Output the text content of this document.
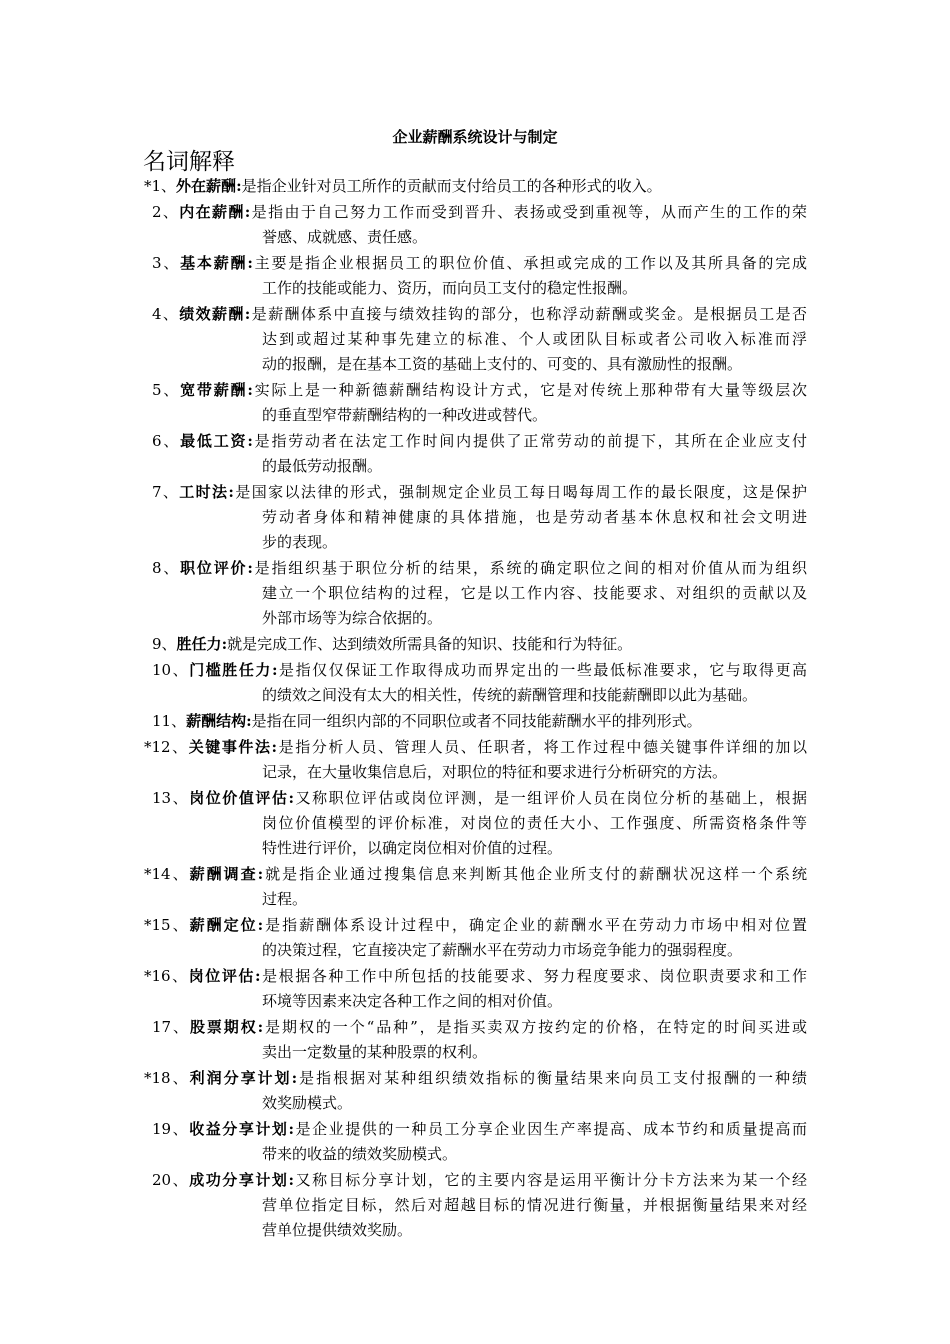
企业薪酬系统设计与制定
名词解释
*1、外在薪酬:是指企业针对员工所作的贡献而支付给员工的各种形式的收入。
2、内在薪酬:是指由于自己努力工作而受到晋升、表扬或受到重视等，从而产生的工作的荣
誉感、成就感、责任感。
3、基本薪酬:主要是指企业根据员工的职位价值、承担或完成的工作以及其所具备的完成
工作的技能或能力、资历，而向员工支付的稳定性报酬。
4、绩效薪酬:是薪酬体系中直接与绩效挂钩的部分，也称浮动薪酬或奖金。是根据员工是否
达到或超过某种事先建立的标准、个人或团队目标或者公司收入标准而浮
动的报酬，是在基本工资的基础上支付的、可变的、具有激励性的报酬。
5、宽带薪酬:实际上是一种新德薪酬结构设计方式，它是对传统上那种带有大量等级层次
的垂直型窄带薪酬结构的一种改进或替代。
6、最低工资:是指劳动者在法定工作时间内提供了正常劳动的前提下，其所在企业应支付
的最低劳动报酬。
7、工时法:是国家以法律的形式，强制规定企业员工每日喝每周工作的最长限度，这是保护
劳动者身体和精神健康的具体措施，也是劳动者基本休息权和社会文明进
步的表现。
8、职位评价:是指组织基于职位分析的结果，系统的确定职位之间的相对价值从而为组织
建立一个职位结构的过程，它是以工作内容、技能要求、对组织的贡献以及
外部市场等为综合依据的。
9、胜任力:就是完成工作、达到绩效所需具备的知识、技能和行为特征。
10、门槛胜任力:是指仅仅保证工作取得成功而界定出的一些最低标准要求，它与取得更高
的绩效之间没有太大的相关性，传统的薪酬管理和技能薪酬即以此为基础。
11、薪酬结构:是指在同一组织内部的不同职位或者不同技能薪酬水平的排列形式。
*12、关键事件法:是指分析人员、管理人员、任职者，将工作过程中德关键事件详细的加以
记录，在大量收集信息后，对职位的特征和要求进行分析研究的方法。
13、岗位价值评估:又称职位评估或岗位评测，是一组评价人员在岗位分析的基础上，根据
岗位价值模型的评价标准，对岗位的责任大小、工作强度、所需资格条件等
特性进行评价，以确定岗位相对价值的过程。
*14、薪酬调查:就是指企业通过搜集信息来判断其他企业所支付的薪酬状况这样一个系统
过程。
*15、薪酬定位:是指薪酬体系设计过程中，确定企业的薪酬水平在劳动力市场中相对位置
的决策过程，它直接决定了薪酬水平在劳动力市场竞争能力的强弱程度。
*16、岗位评估:是根据各种工作中所包括的技能要求、努力程度要求、岗位职责要求和工作
环境等因素来决定各种工作之间的相对价值。
17、股票期权:是期权的一个“品种”，是指买卖双方按约定的价格，在特定的时间买进或
卖出一定数量的某种股票的权利。
*18、利润分享计划:是指根据对某种组织绩效指标的衡量结果来向员工支付报酬的一种绩
效奖励模式。
19、收益分享计划:是企业提供的一种员工分享企业因生产率提高、成本节约和质量提高而
带来的收益的绩效奖励模式。
20、成功分享计划:又称目标分享计划，它的主要内容是运用平衡计分卡方法来为某一个经
营单位指定目标，然后对超越目标的情况进行衡量，并根据衡量结果来对经
营单位提供绩效奖励。
